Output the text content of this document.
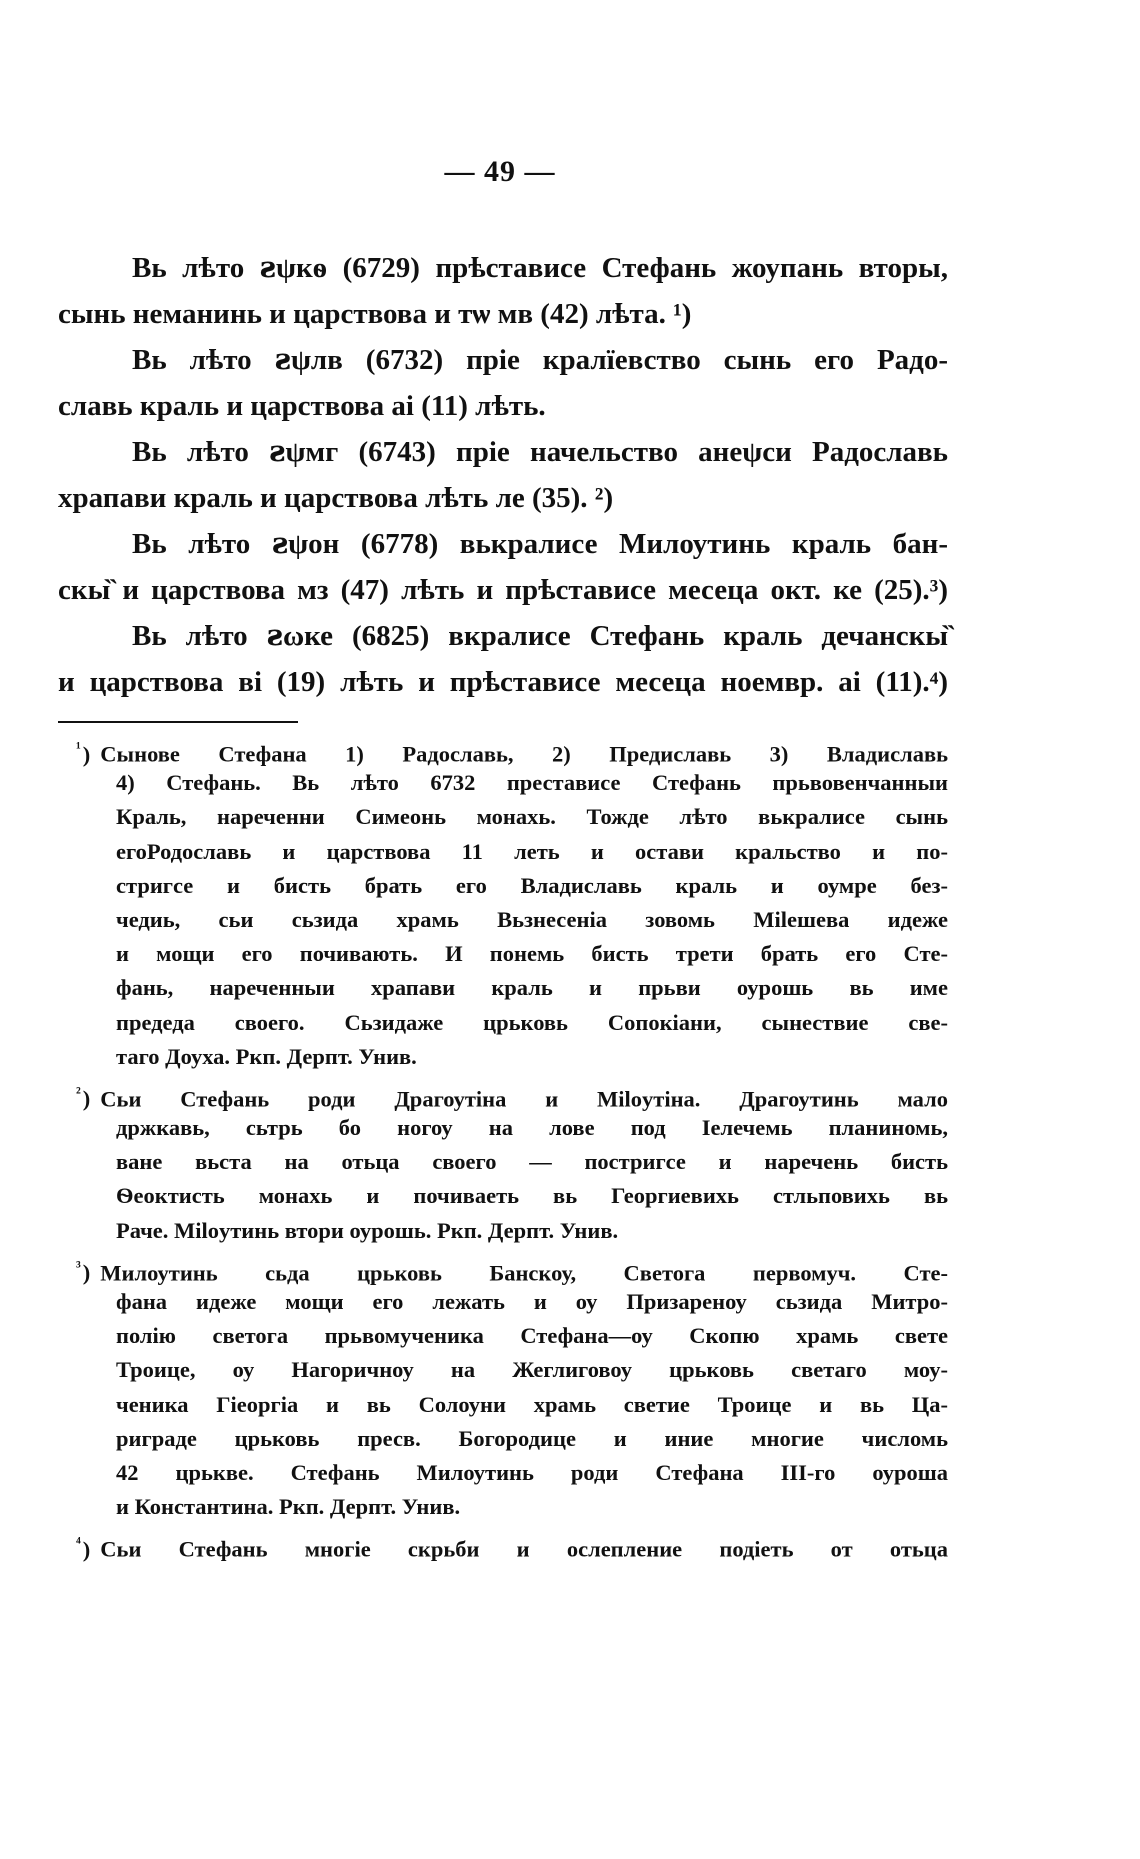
— 49 —
Вь лѣто ꙅψкѳ (6729) прѣстависе Стефань жоупань вторы,
сынь неманинь и царствова и тѡ мв (42) лѣта. ¹)
Вь лѣто ꙅψлв (6732) пріе кралїевство сынь его Радо-
славь краль и царствова аі (11) лѣть.
Вь лѣто ꙅψмг (6743) пріе начельство анеψси Радославь
храпави краль и царствова лѣть ле (35). ²)
Вь лѣто ꙅψон (6778) вькралисе Милоутинь краль бан-
скы̏ и царствова мз (47) лѣть и прѣстависе месеца окт. ке (25).³)
Вь лѣто ꙅωке (6825) вкралисе Стефань краль дечанскы̏
и царствова ві (19) лѣть и прѣстависе месеца ноемвр. аі (11).⁴)
$^{^1}$) Сынове Стефана 1) Радославь, 2) Предиславь 3) Владиславь
4) Стефань. Вь лѣто 6732 престависе Стефань прьвовенчанныи
Краль, нареченни Симеонь монахь. Тожде лѣто вькралисе сынь
егоРодославь и царствова 11 леть и остави кральство и по-
стригсе и бисть брать его Владиславь краль и оумре без-
чедиь, сьи сьзида храмь Вьзнесеніа зовомь Міleшева идеже
и мощи его почивають. И понемь бисть трети брать его Сте-
фань, нареченныи храпави краль и прьви оурошь вь име
предеда своего. Сьзидаже црьковь Сопокіани, сынествие све-
таго Доуха. Ркп. Дерпт. Унив.
$^{^2}$) Сьи Стефань роди Драгоутіна и Міloутіна. Драгоутинь мало
држкавь, сьтрь бо ногоу на лове под Іелечемь планиномь,
ване вьста на отьца своего — постригсе и наречень бисть
Ѳеоктисть монахь и почиваеть вь Георгиевихь стльповихь вь
Раче. Міloутинь втори оурошь. Ркп. Дерпт. Унив.
$^{^3}$) Милоутинь сьда црьковь Банскоу, Светога первомуч. Сте-
фана идеже мощи его лежать и оу Призареноу сьзида Митро-
полію светога прьвомученика Стефана—оу Скопю храмь свете
Троице, оу Нагоричноу на Жеглиговоу црьковь светаго моу-
ченика Гіеоргіа и вь Солоуни храмь светие Троице и вь Ца-
риграде црьковь пресв. Богородице и иние многие числомь
42 црькве. Стефань Милоутинь роди Стефана III-го оуроша
и Константина. Ркп. Дерпт. Унив.
$^{^4}$) Сьи Стефань многіе скрьби и ослепление подіеть от отьца
